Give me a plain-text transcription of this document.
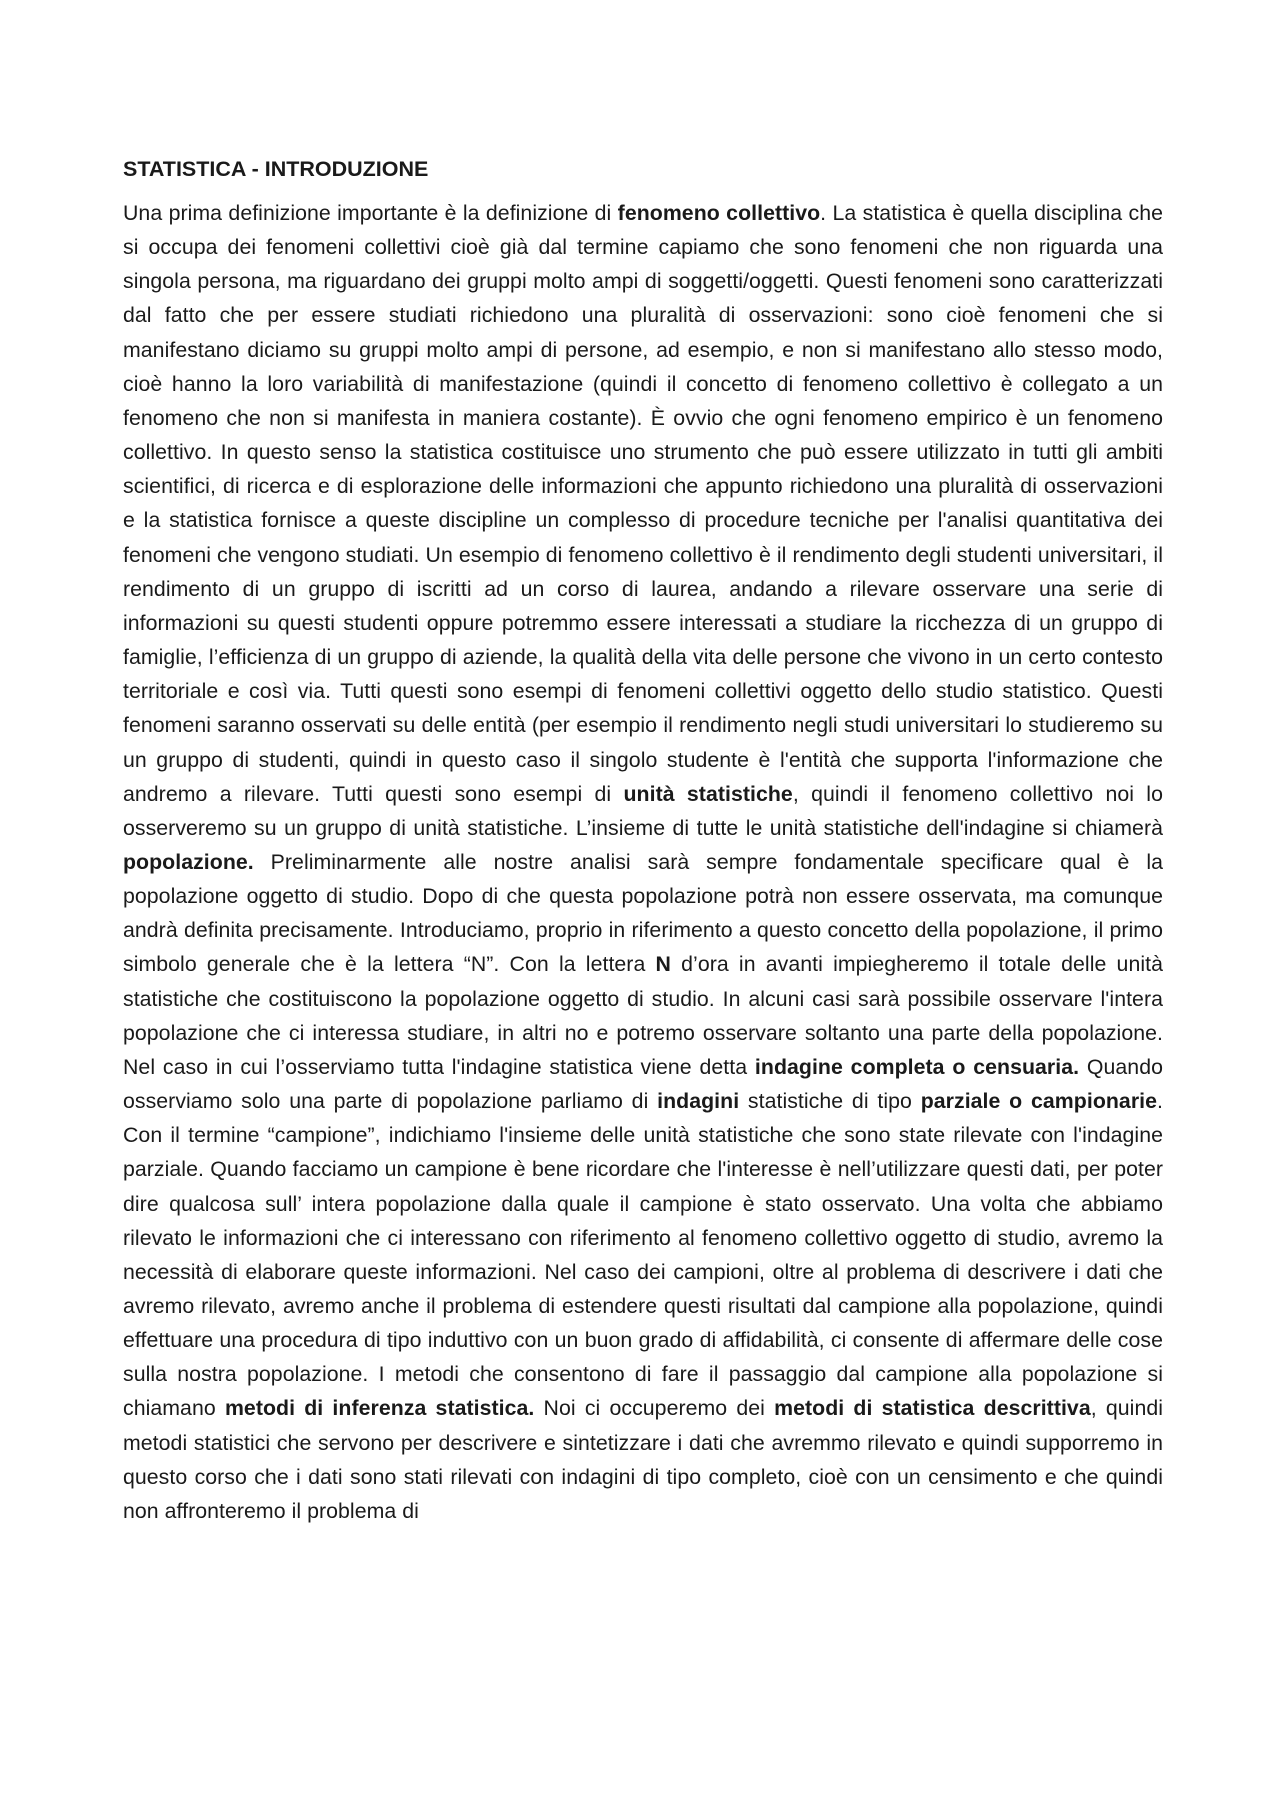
STATISTICA - INTRODUZIONE

Una prima definizione importante è la definizione di fenomeno collettivo. La statistica è quella disciplina che si occupa dei fenomeni collettivi cioè già dal termine capiamo che sono fenomeni che non riguarda una singola persona, ma riguardano dei gruppi molto ampi di soggetti/oggetti. Questi fenomeni sono caratterizzati dal fatto che per essere studiati richiedono una pluralità di osservazioni: sono cioè fenomeni che si manifestano diciamo su gruppi molto ampi di persone, ad esempio, e non si manifestano allo stesso modo, cioè hanno la loro variabilità di manifestazione (quindi il concetto di fenomeno collettivo è collegato a un fenomeno che non si manifesta in maniera costante). È ovvio che ogni fenomeno empirico è un fenomeno collettivo. In questo senso la statistica costituisce uno strumento che può essere utilizzato in tutti gli ambiti scientifici, di ricerca e di esplorazione delle informazioni che appunto richiedono una pluralità di osservazioni e la statistica fornisce a queste discipline un complesso di procedure tecniche per l'analisi quantitativa dei fenomeni che vengono studiati. Un esempio di fenomeno collettivo è il rendimento degli studenti universitari, il rendimento di un gruppo di iscritti ad un corso di laurea, andando a rilevare osservare una serie di informazioni su questi studenti oppure potremmo essere interessati a studiare la ricchezza di un gruppo di famiglie, l’efficienza di un gruppo di aziende, la qualità della vita delle persone che vivono in un certo contesto territoriale e così via. Tutti questi sono esempi di fenomeni collettivi oggetto dello studio statistico. Questi fenomeni saranno osservati su delle entità (per esempio il rendimento negli studi universitari lo studieremo su un gruppo di studenti, quindi in questo caso il singolo studente è l'entità che supporta l'informazione che andremo a rilevare. Tutti questi sono esempi di unità statistiche, quindi il fenomeno collettivo noi lo osserveremo su un gruppo di unità statistiche. L’insieme di tutte le unità statistiche dell'indagine si chiamerà popolazione. Preliminarmente alle nostre analisi sarà sempre fondamentale specificare qual è la popolazione oggetto di studio. Dopo di che questa popolazione potrà non essere osservata, ma comunque andrà definita precisamente. Introduciamo, proprio in riferimento a questo concetto della popolazione, il primo simbolo generale che è la lettera “N”. Con la lettera N d’ora in avanti impiegheremo il totale delle unità statistiche che costituiscono la popolazione oggetto di studio. In alcuni casi sarà possibile osservare l'intera popolazione che ci interessa studiare, in altri no e potremo osservare soltanto una parte della popolazione. Nel caso in cui l’osserviamo tutta l'indagine statistica viene detta indagine completa o censuaria. Quando osserviamo solo una parte di popolazione parliamo di indagini statistiche di tipo parziale o campionarie. Con il termine “campione”, indichiamo l'insieme delle unità statistiche che sono state rilevate con l'indagine parziale. Quando facciamo un campione è bene ricordare che l'interesse è nell’utilizzare questi dati, per poter dire qualcosa sull’ intera popolazione dalla quale il campione è stato osservato. Una volta che abbiamo rilevato le informazioni che ci interessano con riferimento al fenomeno collettivo oggetto di studio, avremo la necessità di elaborare queste informazioni. Nel caso dei campioni, oltre al problema di descrivere i dati che avremo rilevato, avremo anche il problema di estendere questi risultati dal campione alla popolazione, quindi effettuare una procedura di tipo induttivo con un buon grado di affidabilità, ci consente di affermare delle cose sulla nostra popolazione. I metodi che consentono di fare il passaggio dal campione alla popolazione si chiamano metodi di inferenza statistica. Noi ci occuperemo dei metodi di statistica descrittiva, quindi metodi statistici che servono per descrivere e sintetizzare i dati che avremmo rilevato e quindi supporremo in questo corso che i dati sono stati rilevati con indagini di tipo completo, cioè con un censimento e che quindi non affronteremo il problema di
